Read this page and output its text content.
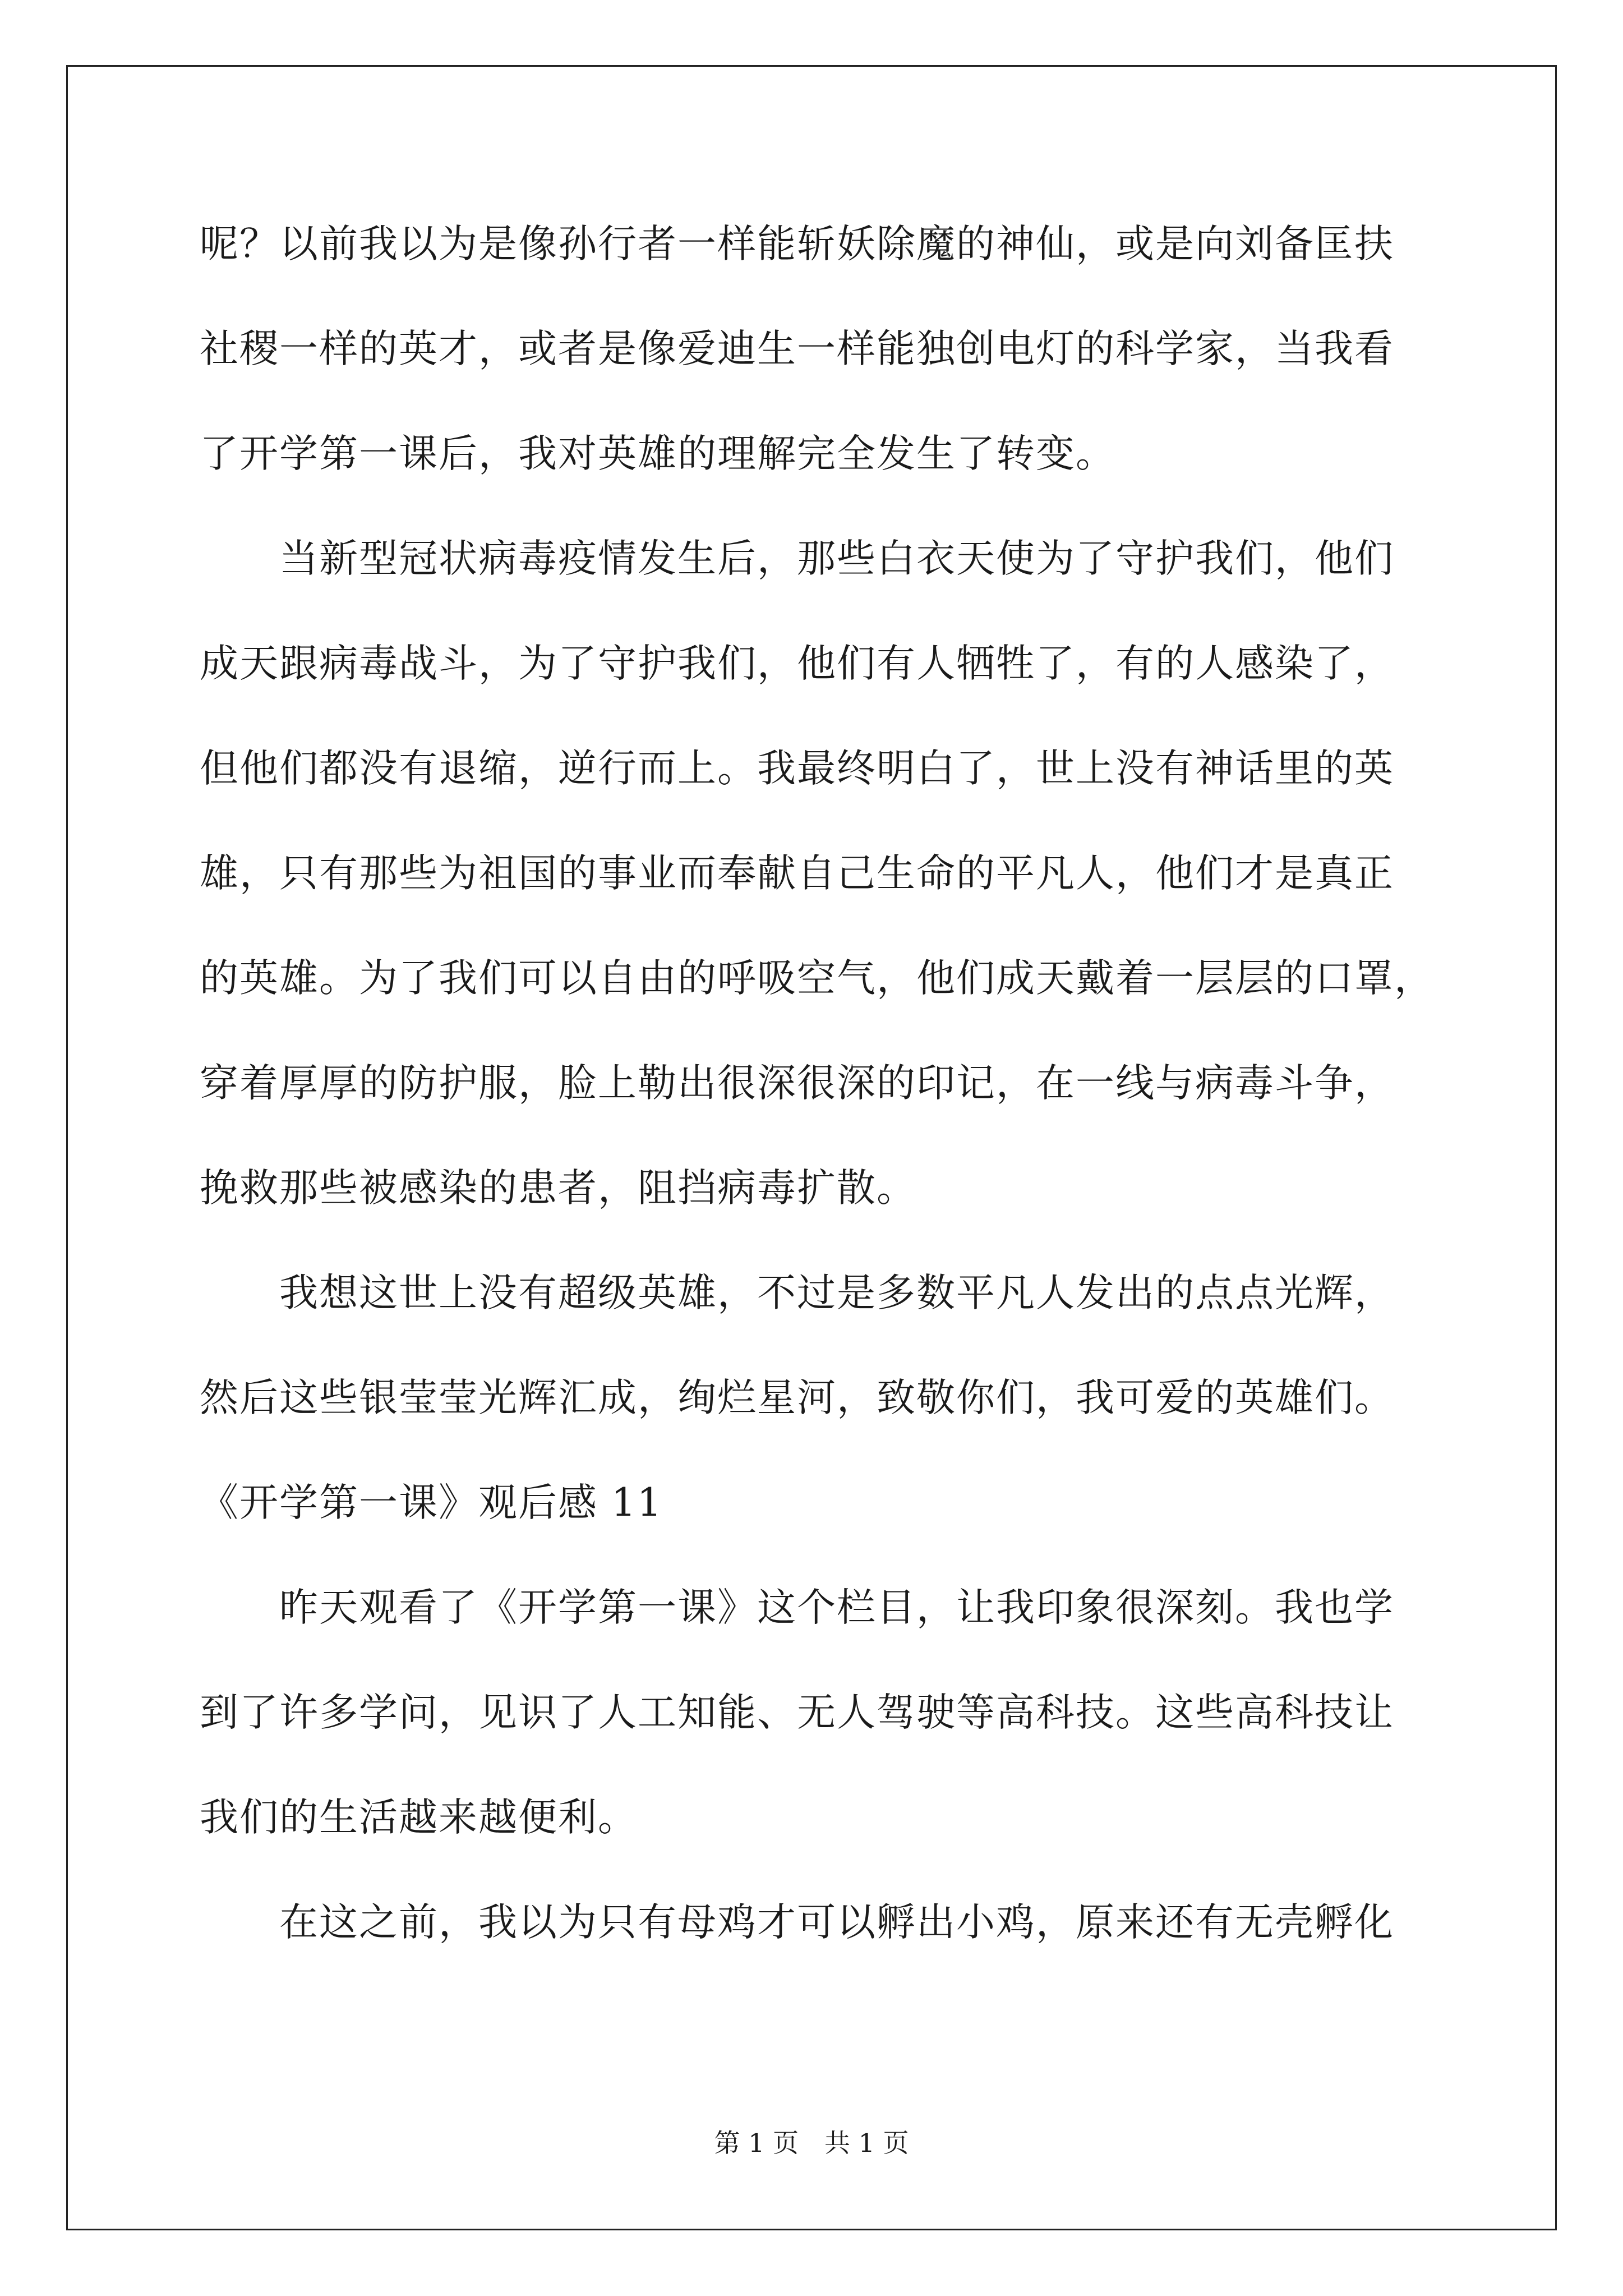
呢？以前我以为是像孙行者一样能斩妖除魔的神仙，或是向刘备匡扶
社稷一样的英才，或者是像爱迪生一样能独创电灯的科学家，当我看
了开学第一课后，我对英雄的理解完全发生了转变。
　　当新型冠状病毒疫情发生后，那些白衣天使为了守护我们，他们
成天跟病毒战斗，为了守护我们，他们有人牺牲了，有的人感染了，
但他们都没有退缩，逆行而上。我最终明白了，世上没有神话里的英
雄，只有那些为祖国的事业而奉献自己生命的平凡人，他们才是真正
的英雄。为了我们可以自由的呼吸空气，他们成天戴着一层层的口罩，
穿着厚厚的防护服，脸上勒出很深很深的印记，在一线与病毒斗争，
挽救那些被感染的患者，阻挡病毒扩散。
　　我想这世上没有超级英雄，不过是多数平凡人发出的点点光辉，
然后这些银莹莹光辉汇成，绚烂星河，致敬你们，我可爱的英雄们。
《开学第一课》观后感 11
　　昨天观看了《开学第一课》这个栏目，让我印象很深刻。我也学
到了许多学问，见识了人工知能、无人驾驶等高科技。这些高科技让
我们的生活越来越便利。
　　在这之前，我以为只有母鸡才可以孵出小鸡，原来还有无壳孵化
第 1 页　共 1 页
